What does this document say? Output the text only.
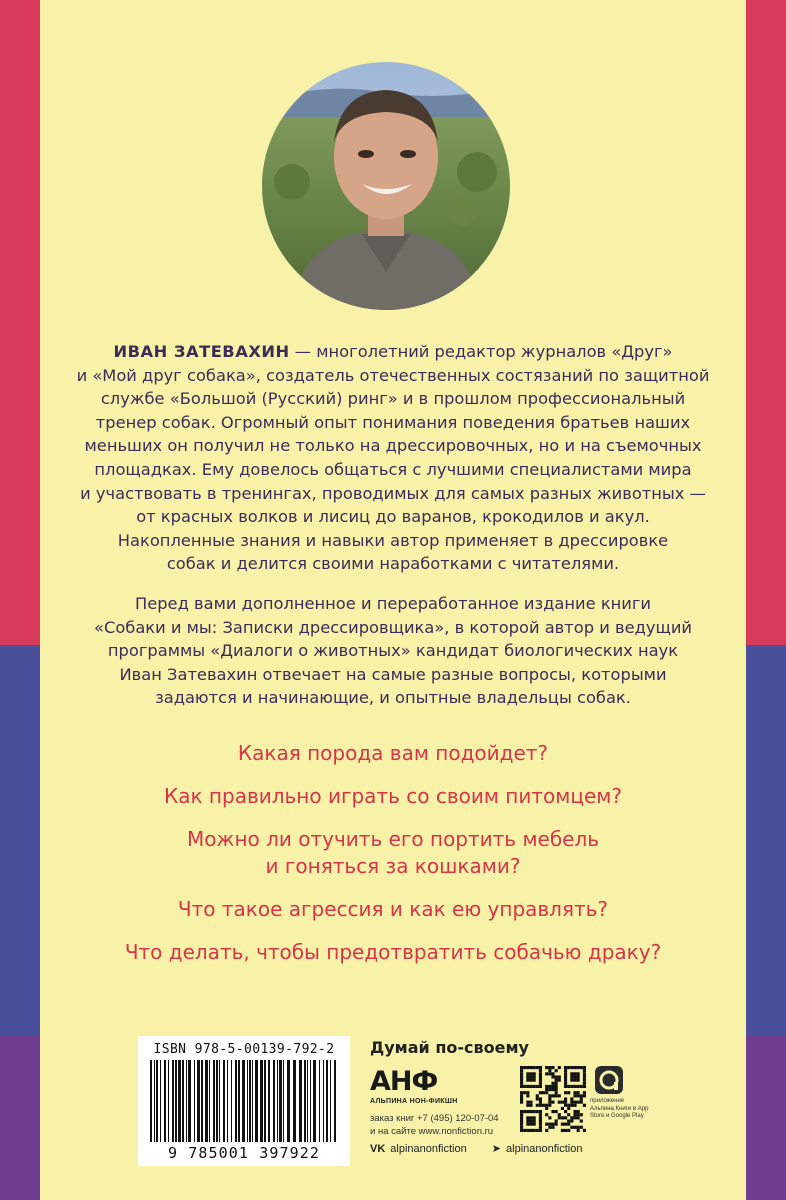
ИВАН ЗАТЕВАХИН — многолетний редактор журналов «Друг»
и «Мой друг собака», создатель отечественных состязаний по защитной
службе «Большой (Русский) ринг» и в прошлом профессиональный
тренер собак. Огромный опыт понимания поведения братьев наших
меньших он получил не только на дрессировочных, но и на съемочных
площадках. Ему довелось общаться с лучшими специалистами мира
и участвовать в тренингах, проводимых для самых разных животных —
от красных волков и лисиц до варанов, крокодилов и акул.
Накопленные знания и навыки автор применяет в дрессировке
собак и делится своими наработками с читателями.
Перед вами дополненное и переработанное издание книги
«Собаки и мы: Записки дрессировщика», в которой автор и ведущий
программы «Диалоги о животных» кандидат биологических наук
Иван Затевахин отвечает на самые разные вопросы, которыми
задаются и начинающие, и опытные владельцы собак.
Какая порода вам подойдет?
Как правильно играть со своим питомцем?
Можно ли отучить его портить мебель
и гоняться за кошками?
Что такое агрессия и как ею управлять?
Что делать, чтобы предотвратить собачью драку?
ISBN 978-5-00139-792-2
9 785001 397922
Думай по-своему
АНФ
АЛЬПИНА НОН-ФИКШН
заказ книг +7 (495) 120-07-04
и на сайте www.nonfiction.ru
VK alpinanonfiction ➤ alpinanonfiction
приложение Альпина.Книги в App Store и Google Play
